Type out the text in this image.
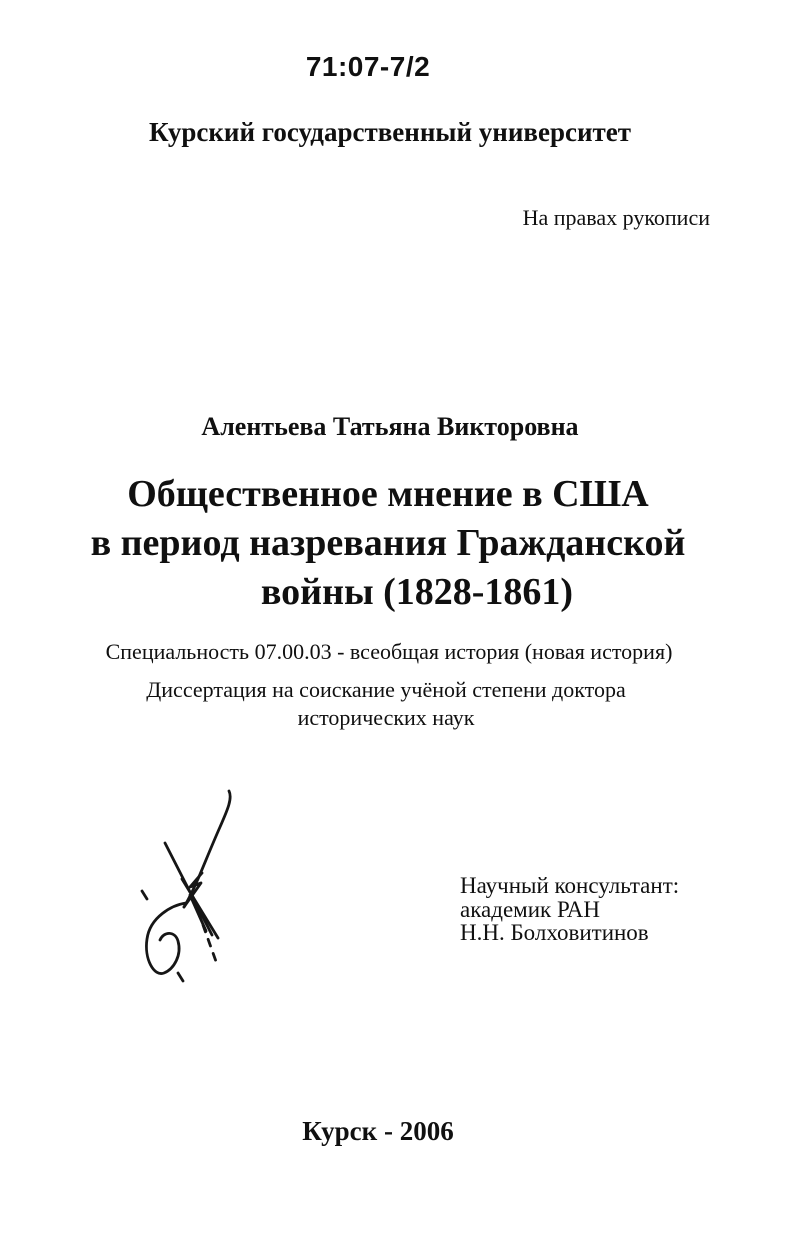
71:07-7/2
Курский государственный университет
На правах рукописи
Алентьева Татьяна Викторовна
Общественное мнение в США
в период назревания Гражданской
войны (1828-1861)
Специальность 07.00.03 - всеобщая история (новая история)
Диссертация на соискание учёной степени доктора
исторических наук
Научный консультант:
академик РАН
Н.Н. Болховитинов
Курск - 2006
